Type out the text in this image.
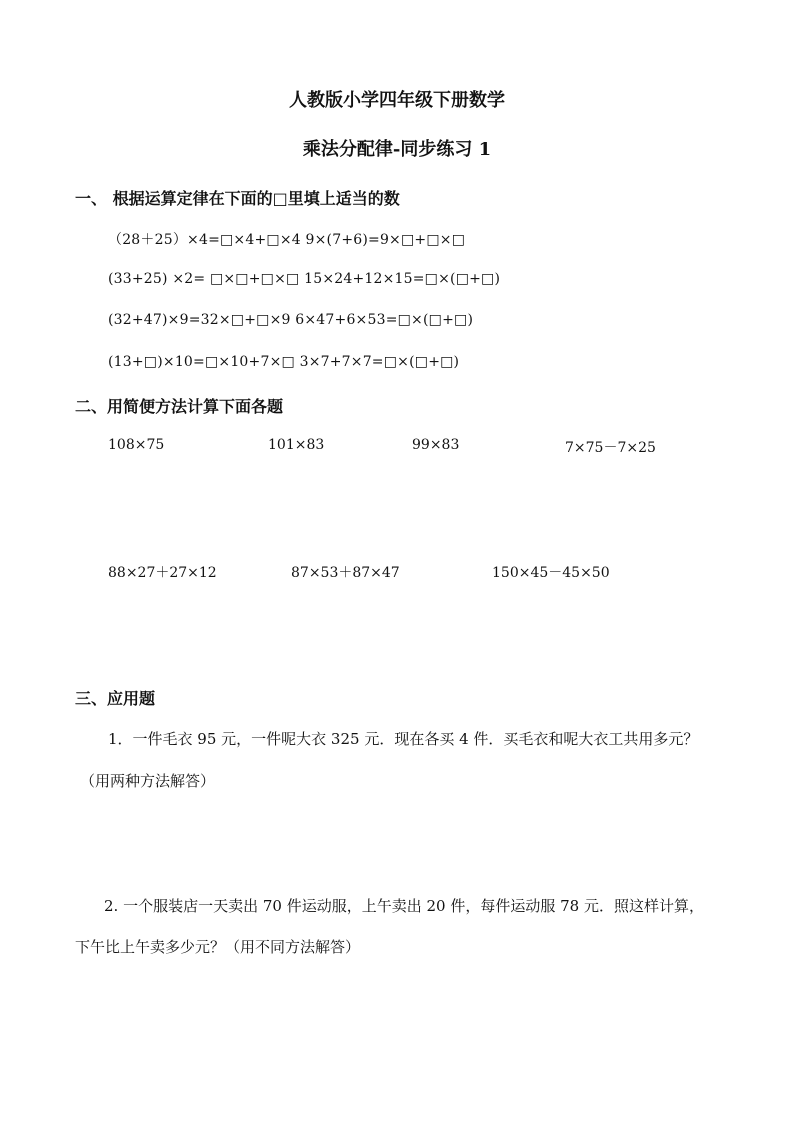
人教版小学四年级下册数学
乘法分配律-同步练习 1
一、 根据运算定律在下面的□里填上适当的数
（28＋25）×4=□×4+□×4 9×(7+6)=9×□+□×□
(33+25) ×2= □×□+□×□ 15×24+12×15=□×(□+□)
(32+47)×9=32×□+□×9 6×47+6×53=□×(□+□)
(13+□)×10=□×10+7×□ 3×7+7×7=□×(□+□)
二、用简便方法计算下面各题
108×75	101×83	99×83	7×75－7×25
88×27＋27×12	87×53＋87×47	150×45－45×50
三、应用题
1．一件毛衣 95 元，一件呢大衣 325 元．现在各买 4 件．买毛衣和呢大衣工共用多元？
（用两种方法解答）
2. 一个服装店一天卖出 70 件运动服，上午卖出 20 件，每件运动服 78 元．照这样计算，
下午比上午卖多少元？（用不同方法解答）
